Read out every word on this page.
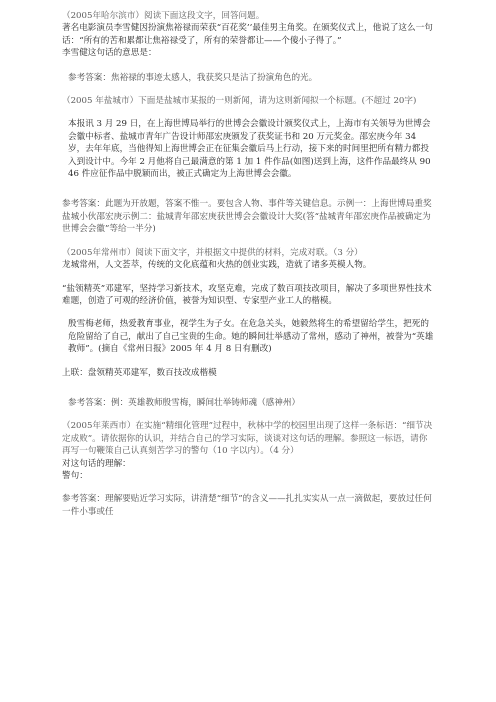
（2005年哈尔滨市）阅读下面这段文字，回答问题。

著名电影演员李雪健因扮演焦裕禄而荣获“百花奖’’最佳男主角奖。在颁奖仪式上，他说了这么一句话：“所有的苦和累都让焦裕禄受了，所有的荣誉都让——个傻小子得了。”

李雪健这句话的意思是：

参考答案：焦裕禄的事迹太感人，我获奖只是沾了扮演角色的光。

（2005 年盐城市）下面是盐城市某报的一则新闻，请为这则新闻拟一个标题。(不超过 20字)

本报讯 3 月 29 日，在上海世博局举行的世博会会徽设计颁奖仪式上，上海市有关领导为世博会会徽中标者、盐城市青年广告设计师邵宏庚颁发了获奖证书和 20 万元奖金。邵宏庚今年 34 岁，去年年底，当他得知上海世博会正在征集会徽后马上行动，接下来的时间里把所有精力都投入到设计中。今年 2 月他将自己最满意的第 1 加 1 件作品(如图)送到上海，这件作品最终从 9046 件应征作品中脱颖而出，被正式确定为上海世博会会徽。

参考答案：此题为开放题，答案不惟一。要包含人物、事件等关键信息。示例一：上海世博局重奖盐城小伙邵宏庚示例二：盐城青年邵宏庚获世博会会徽设计大奖(答“盐城青年邵宏庚作品被确定为世博会会徽”等给一半分)

（2005年常州市）阅读下面文字，并根据文中提供的材料，完成对联。（3 分）

龙城常州，人文荟萃，传统的文化底蕴和火热的创业实践，造就了诸多英模人物。

“盐领精英”邓建军，坚持学习新技术，攻坚克难，完成了数百项技改项目，解决了多项世界性技术难题，创造了可观的经济价值，被誉为知识型、专家型产业工人的楷模。

殷雪梅老师，热爱教育事业，视学生为子女。在危急关头，她毅然将生的希望留给学生，把死的危险留给了自己，献出了自己宝贵的生命。她的瞬间壮举感动了常州，感动了神州，被誉为“英雄教师”。(摘自《常州日报》2005 年 4 月 8 日有删改)

上联：盘领精英邓建军，数百技改成楷模

参考答案：例：英雄教师殷雪梅，瞬间壮举铸师魂（感神州）

（2005年莱西市）在实施“精细化管理”过程中，秋林中学的校园里出现了这样一条标语：“细节决定成败”。请依据你的认识，并结合自己的学习实际，谈谈对这句话的理解。参照这一标语，请你再写一句鞭策自己认真刻苦学习的警句（10 字以内）。（4 分）

对这句话的理解：

警句：

参考答案：理解要贴近学习实际，讲清楚“细节”的含义——扎扎实实从一点一滴做起，要放过任何一件小事或任
